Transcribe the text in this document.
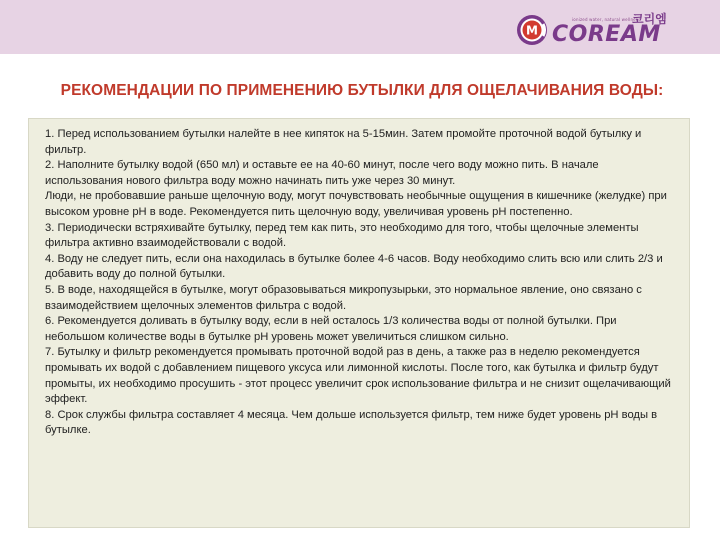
M
ionized water, natural wellness
코리엠
COREAM
РЕКОМЕНДАЦИИ ПО ПРИМЕНЕНИЮ БУТЫЛКИ ДЛЯ ОЩЕЛАЧИВАНИЯ ВОДЫ:

1. Перед использованием бутылки налейте в нее кипяток на 5-15мин. Затем промойте проточной водой бутылку и фильтр.

2. Наполните бутылку водой (650 мл) и оставьте ее на 40-60 минут, после чего воду можно пить. В начале использования нового фильтра воду можно начинать пить уже через 30 минут.

Люди, не пробовавшие раньше щелочную воду, могут почувствовать необычные ощущения в кишечнике (желудке) при высоком уровне pH в воде. Рекомендуется пить щелочную воду, увеличивая уровень pH постепенно.

3. Периодически встряхивайте бутылку, перед тем как пить, это необходимо для того, чтобы щелочные элементы фильтра активно взаимодействовали с водой.

4. Воду не следует пить, если она находилась в бутылке более 4-6 часов. Воду необходимо слить всю или слить 2/3 и добавить воду до полной бутылки.

5. В воде, находящейся в бутылке, могут образовываться микропузырьки, это нормальное явление, оно связано с взаимодействием щелочных элементов фильтра с водой.

6. Рекомендуется доливать в бутылку воду, если в ней осталось 1/3 количества воды от полной бутылки. При небольшом количестве воды в бутылке pH уровень может увеличиться слишком сильно.

7. Бутылку и фильтр рекомендуется промывать проточной водой раз в день, а также раз в неделю рекомендуется

промывать их водой с добавлением пищевого уксуса или лимонной кислоты. После того, как бутылка и фильтр будут промыты, их необходимо просушить - этот процесс увеличит срок использование фильтра и не снизит ощелачивающий эффект.

8. Срок службы фильтра составляет 4 месяца. Чем дольше используется фильтр, тем ниже будет уровень pH воды в бутылке.
